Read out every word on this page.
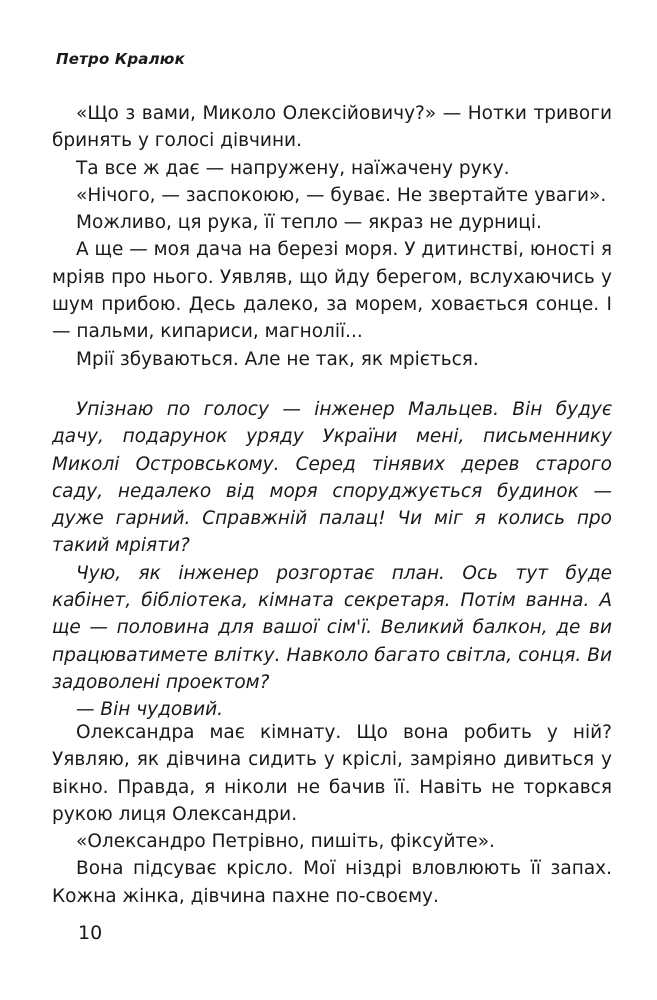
Петро Кралюк

«Що з вами, Миколо Олексійовичу?» — Нотки тривоги бринять у голосі дівчини.

Та все ж дає — напружену, наїжачену руку.

«Нічого, — заспокоюю, — буває. Не звертайте уваги».

Можливо, ця рука, її тепло — якраз не дурниці.

А ще — моя дача на березі моря. У дитинстві, юності я мріяв про нього. Уявляв, що йду берегом, вслухаючись у шум прибою. Десь далеко, за морем, ховається сонце. І — пальми, кипариси, магнолії...

Мрії збуваються. Але не так, як мріється.

Упізнаю по голосу — інженер Мальцев. Він будує дачу, подарунок уряду України мені, письменнику Миколі Островському. Серед тінявих дерев старого саду, недалеко від моря споруджується будинок — дуже гарний. Справжній палац! Чи міг я колись про такий мріяти?

Чую, як інженер розгортає план. Ось тут буде кабінет, бібліотека, кімната секретаря. Потім ванна. А ще — половина для вашої сім'ї. Великий балкон, де ви працюватимете влітку. Навколо багато світла, сонця. Ви задоволені проектом?

— Він чудовий.

Олександра має кімнату. Що вона робить у ній? Уявляю, як дівчина сидить у кріслі, замріяно дивиться у вікно. Правда, я ніколи не бачив її. Навіть не торкався рукою лиця Олександри.

«Олександро Петрівно, пишіть, фіксуйте».

Вона підсуває крісло. Мої ніздрі вловлюють її запах. Кожна жінка, дівчина пахне по-своєму.

10
